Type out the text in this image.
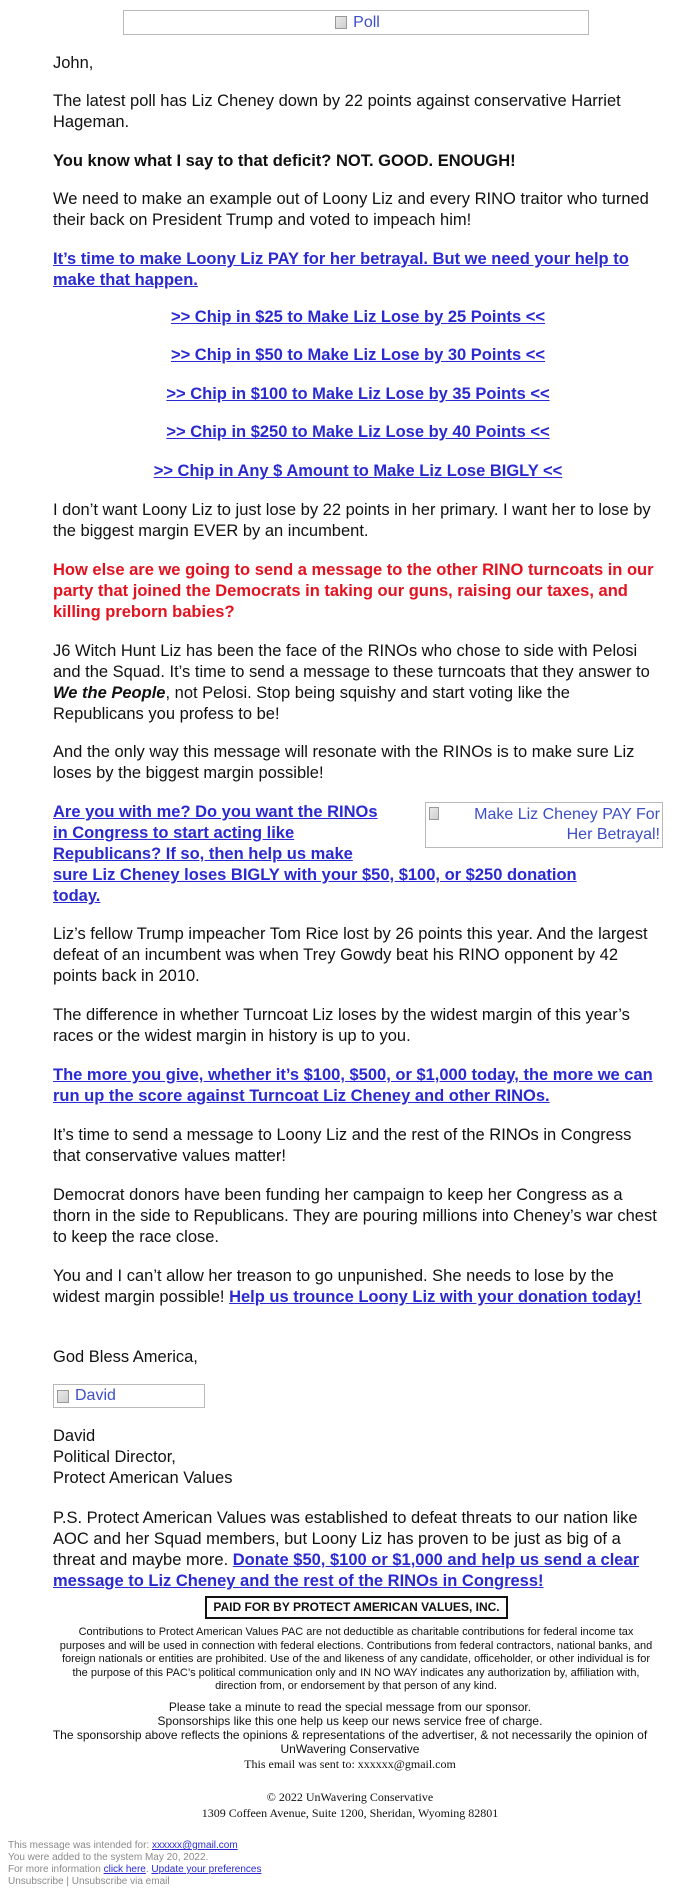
Poll

John,

The latest poll has Liz Cheney down by 22 points against conservative Harriet Hageman.

You know what I say to that deficit? NOT. GOOD. ENOUGH!

We need to make an example out of Loony Liz and every RINO traitor who turned their back on President Trump and voted to impeach him!

It’s time to make Loony Liz PAY for her betrayal. But we need your help to make that happen.

>> Chip in $25 to Make Liz Lose by 25 Points <<
>> Chip in $50 to Make Liz Lose by 30 Points <<
>> Chip in $100 to Make Liz Lose by 35 Points <<
>> Chip in $250 to Make Liz Lose by 40 Points <<
>> Chip in Any $ Amount to Make Liz Lose BIGLY <<

I don’t want Loony Liz to just lose by 22 points in her primary. I want her to lose by the biggest margin EVER by an incumbent.

How else are we going to send a message to the other RINO turncoats in our party that joined the Democrats in taking our guns, raising our taxes, and killing preborn babies?

J6 Witch Hunt Liz has been the face of the RINOs who chose to side with Pelosi and the Squad. It’s time to send a message to these turncoats that they answer to We the People, not Pelosi. Stop being squishy and start voting like the Republicans you profess to be!

And the only way this message will resonate with the RINOs is to make sure Liz loses by the biggest margin possible!

Make Liz Cheney PAY For Her Betrayal!

Are you with me? Do you want the RINOs
in Congress to start acting like
Republicans? If so, then help us make
sure Liz Cheney loses BIGLY with your $50, $100, or $250 donation
today.

Liz’s fellow Trump impeacher Tom Rice lost by 26 points this year. And the largest defeat of an incumbent was when Trey Gowdy beat his RINO opponent by 42 points back in 2010.

The difference in whether Turncoat Liz loses by the widest margin of this year’s races or the widest margin in history is up to you.

The more you give, whether it’s $100, $500, or $1,000 today, the more we can run up the score against Turncoat Liz Cheney and other RINOs.

It’s time to send a message to Loony Liz and the rest of the RINOs in Congress that conservative values matter!

Democrat donors have been funding her campaign to keep her Congress as a thorn in the side to Republicans. They are pouring millions into Cheney’s war chest to keep the race close.

You and I can’t allow her treason to go unpunished. She needs to lose by the widest margin possible! Help us trounce Loony Liz with your donation today!

God Bless America,

David

David
Political Director,
Protect American Values

P.S. Protect American Values was established to defeat threats to our nation like AOC and her Squad members, but Loony Liz has proven to be just as big of a threat and maybe more. Donate $50, $100 or $1,000 and help us send a clear message to Liz Cheney and the rest of the RINOs in Congress!

PAID FOR BY PROTECT AMERICAN VALUES, INC.
Contributions to Protect American Values PAC are not deductible as charitable contributions for federal income tax purposes and will be used in connection with federal elections. Contributions from federal contractors, national banks, and foreign nationals or entities are prohibited. Use of the and likeness of any candidate, officeholder, or other individual is for the purpose of this PAC’s political communication only and IN NO WAY indicates any authorization by, affiliation with, direction from, or endorsement by that person of any kind.
Please take a minute to read the special message from our sponsor.
Sponsorships like this one help us keep our news service free of charge.
The sponsorship above reflects the opinions & representations of the advertiser, & not necessarily the opinion of UnWavering Conservative
This email was sent to: xxxxxx@gmail.com
© 2022 UnWavering Conservative
1309 Coffeen Avenue, Suite 1200, Sheridan, Wyoming 82801
This message was intended for: xxxxxx@gmail.com
You were added to the system May 20, 2022.
For more information click here. Update your preferences
Unsubscribe | Unsubscribe via email
